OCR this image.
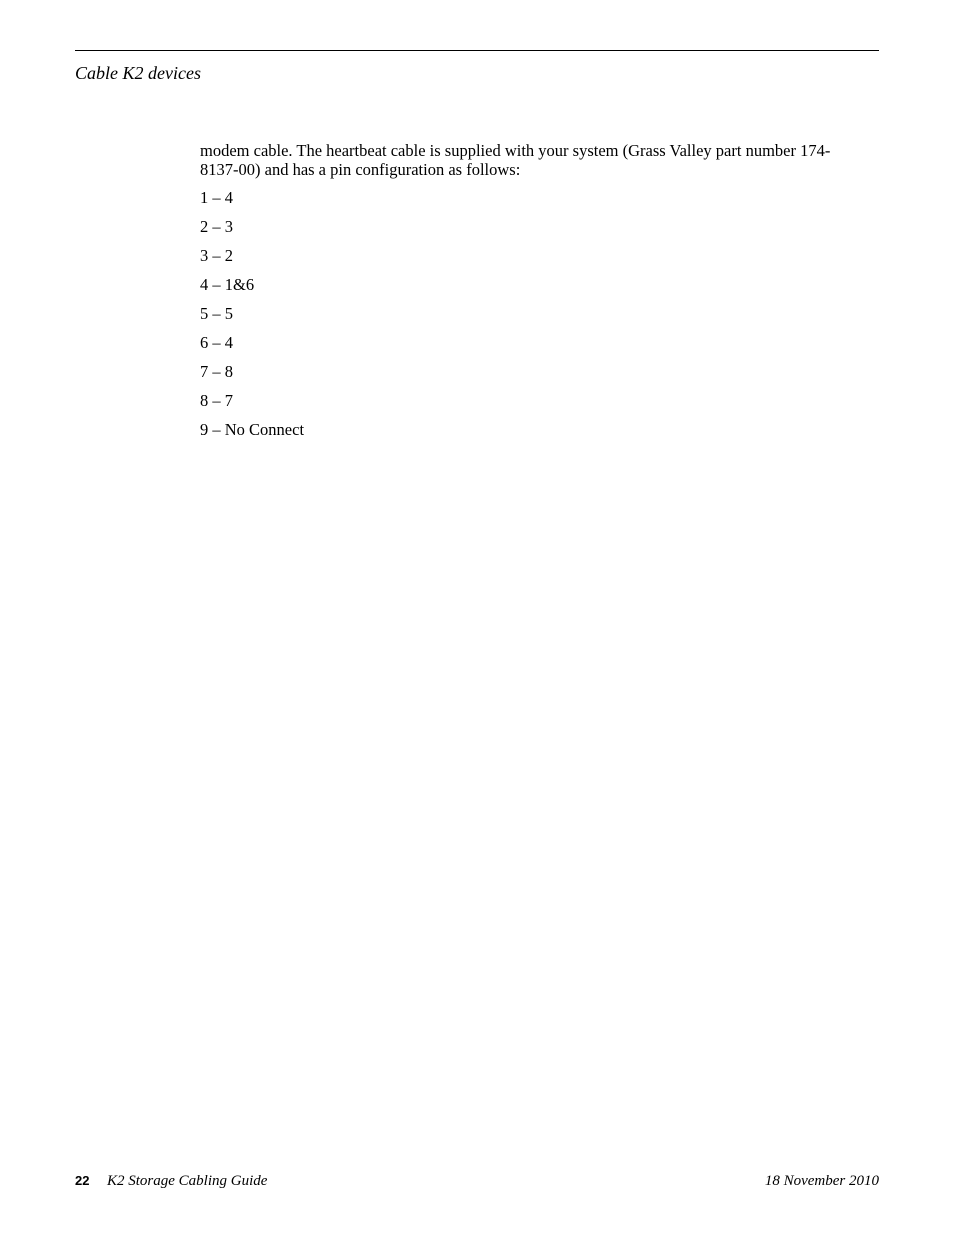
Cable K2 devices

modem cable. The heartbeat cable is supplied with your system (Grass Valley part number 174-8137-00) and has a pin configuration as follows:

1 – 4
2 – 3
3 – 2
4 – 1&6
5 – 5
6 – 4
7 – 8
8 – 7
9 – No Connect
22 K2 Storage Cabling Guide	18 November 2010
